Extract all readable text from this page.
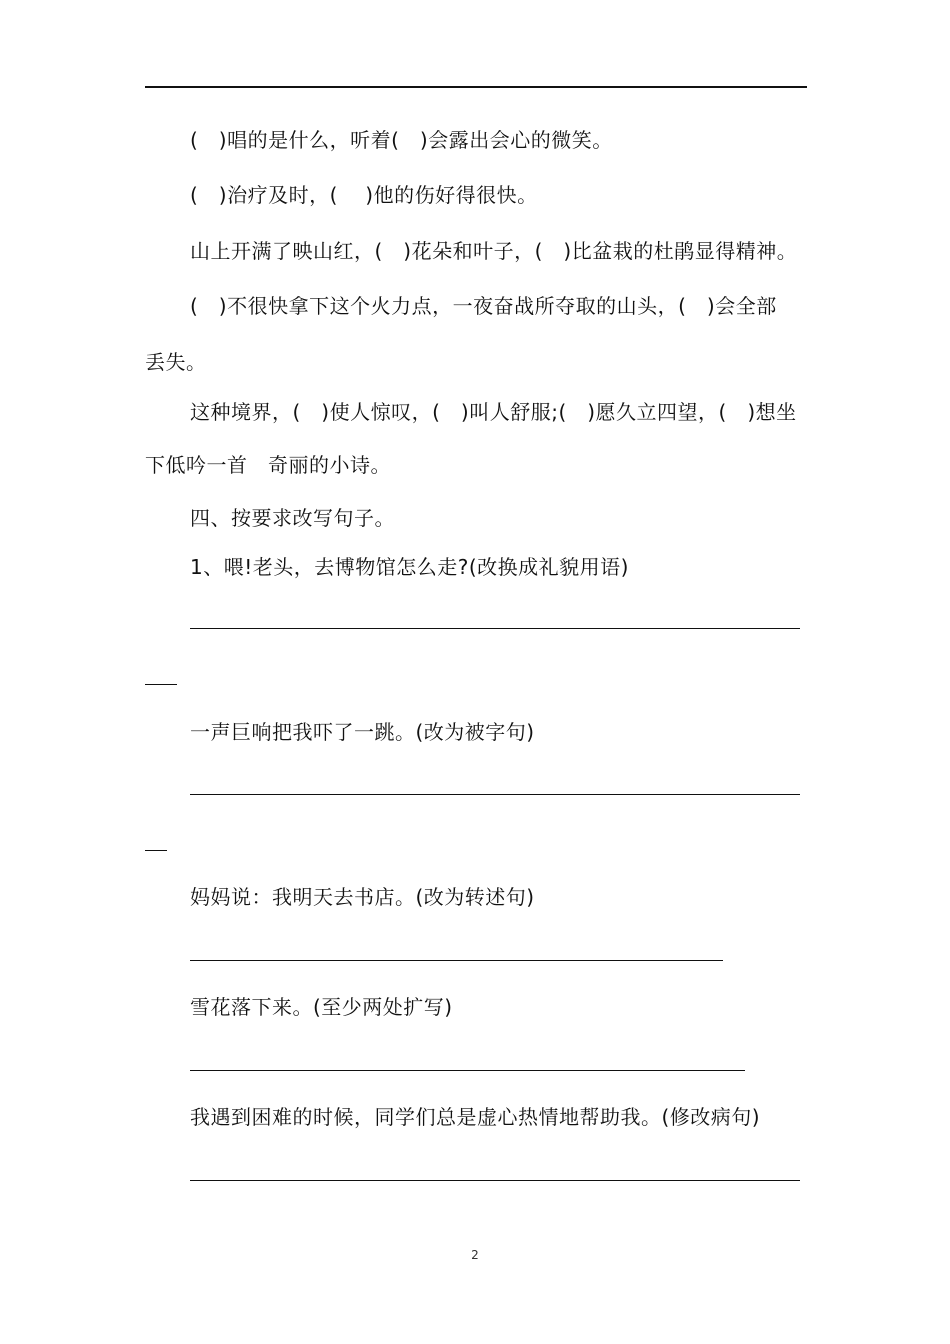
(　)唱的是什么，听着(　)会露出会心的微笑。
(　)治疗及时，(　 )他的伤好得很快。
山上开满了映山红，(　)花朵和叶子，(　)比盆栽的杜鹃显得精神。
(　)不很快拿下这个火力点，一夜奋战所夺取的山头，(　)会全部
丢失。
这种境界，(　)使人惊叹，(　)叫人舒服;(　)愿久立四望，(　)想坐
下低吟一首　奇丽的小诗。
四、按要求改写句子。
1、喂!老头，去博物馆怎么走?(改换成礼貌用语)
一声巨响把我吓了一跳。(改为被字句)
妈妈说：我明天去书店。(改为转述句)
雪花落下来。(至少两处扩写)
我遇到困难的时候，同学们总是虚心热情地帮助我。(修改病句)
2
